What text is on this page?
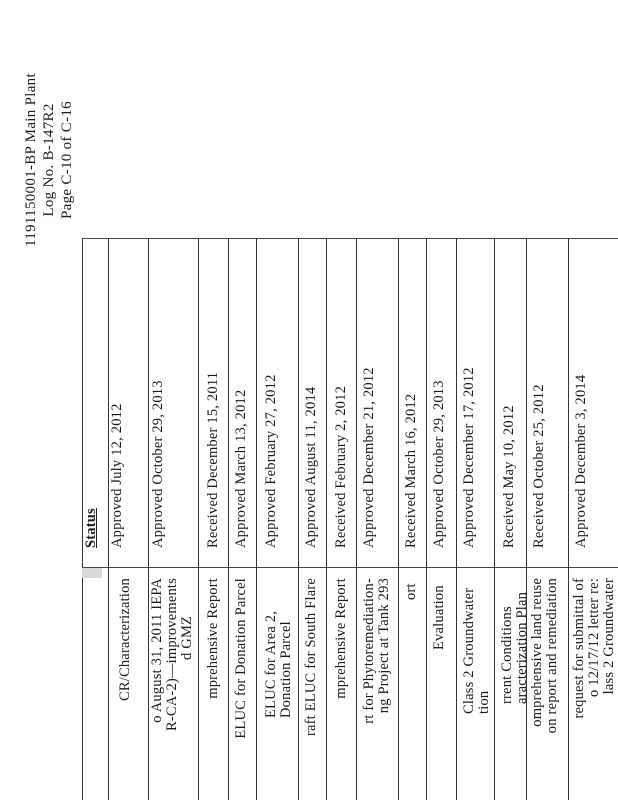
1191150001-BP Main Plant Log No. B-147R2 Page C-10 of C-16
Status
CR/Characterization
Approved July 12, 2012
o August 31, 2011 IEPA R-CA-2)—improvements d GMZ
Approved October 29, 2013
mprehensive Report
Received December 15, 2011
ELUC for Donation Parcel
Approved March 13, 2012
ELUC for Area 2, Donation Parcel
Approved February 27, 2012
raft ELUC for South Flare
Approved August 11, 2014
mprehensive Report
Received February 2, 2012
rt for Phytoremediation- ng Project at Tank 293
Approved December 21, 2012
ort
Received March 16, 2012
Evaluation
Approved October 29, 2013
Class 2 Groundwater tion
Approved December 17, 2012
rrent Conditions aracterization Plan
Received May 10, 2012
omprehensive land reuse on report and remediation
Received October 25, 2012
request for submittal of o 12/17/12 letter re: lass 2 Groundwater
Approved December 3, 2014
